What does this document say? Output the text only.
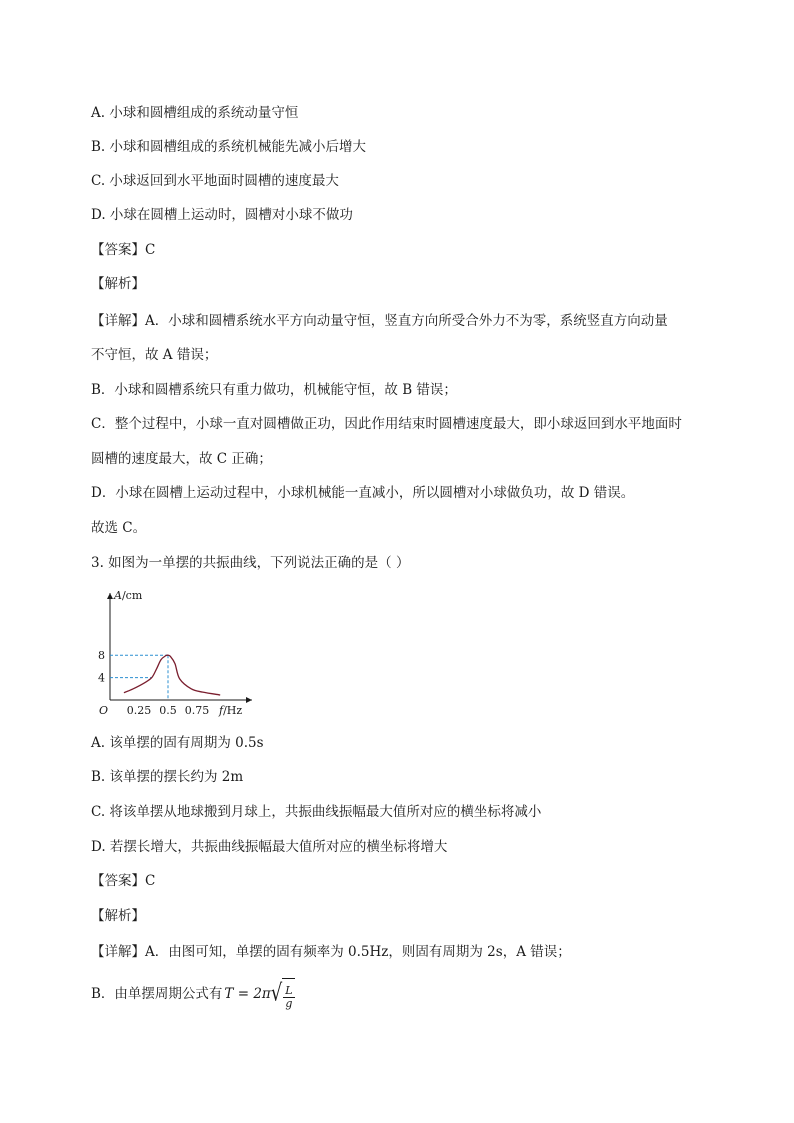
A. 小球和圆槽组成的系统动量守恒
B. 小球和圆槽组成的系统机械能先减小后增大
C. 小球返回到水平地面时圆槽的速度最大
D. 小球在圆槽上运动时，圆槽对小球不做功
【答案】C
【解析】
【详解】A．小球和圆槽系统水平方向动量守恒，竖直方向所受合外力不为零，系统竖直方向动量
不守恒，故 A 错误；
B．小球和圆槽系统只有重力做功，机械能守恒，故 B 错误；
C．整个过程中，小球一直对圆槽做正功，因此作用结束时圆槽速度最大，即小球返回到水平地面时
圆槽的速度最大，故 C 正确；
D．小球在圆槽上运动过程中，小球机械能一直减小，所以圆槽对小球做负功，故 D 错误。
故选 C。
3. 如图为一单摆的共振曲线，下列说法正确的是（ ）
0.25 0.5 0.75
4
8
O
A/cm
f/Hz
A. 该单摆的固有周期为 0.5s
B. 该单摆的摆长约为 2m
C. 将该单摆从地球搬到月球上，共振曲线振幅最大值所对应的横坐标将减小
D. 若摆长增大，共振曲线振幅最大值所对应的横坐标将增大
【答案】C
【解析】
【详解】A．由图可知，单摆的固有频率为 0.5Hz，则固有周期为 2s，A 错误；
B．由单摆周期公式有 T = 2π √ $\frac{L}{g}$
